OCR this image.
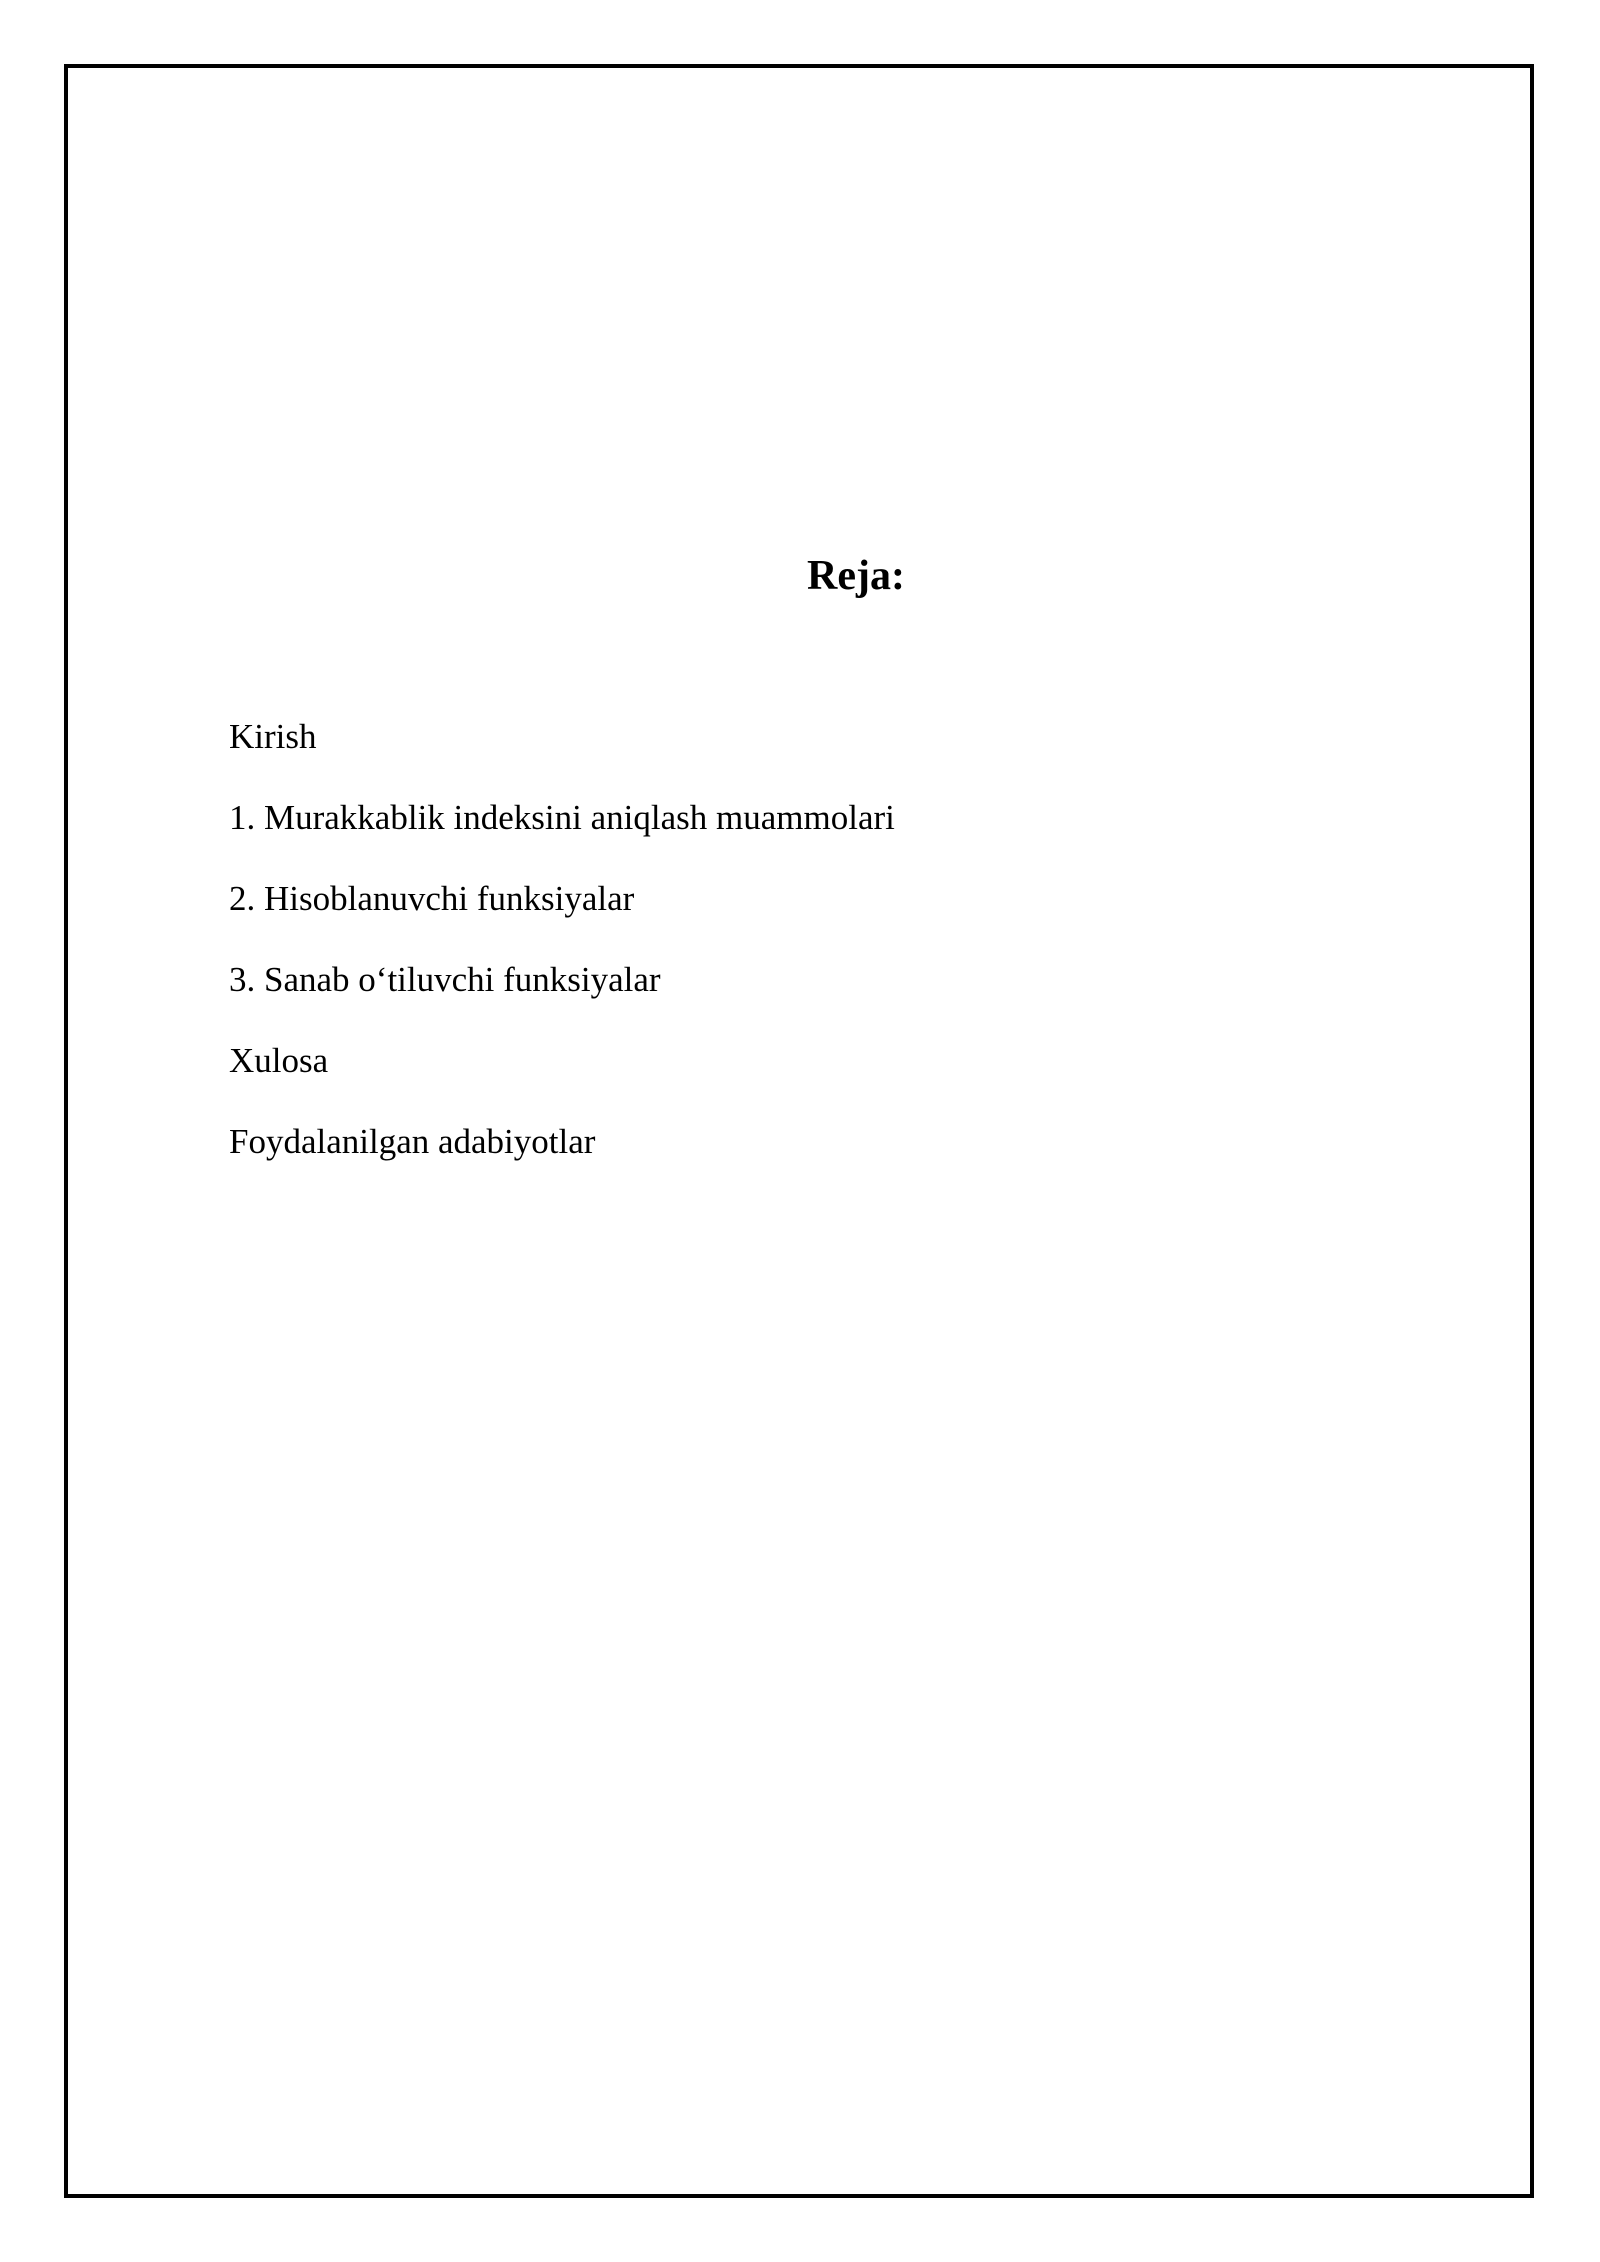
Reja:
Kirish
1. Murakkablik indeksini aniqlash muammolari
2. Hisoblanuvchi funksiyalar
3. Sanab o‘tiluvchi funksiyalar
Xulosa
Foydalanilgan adabiyotlar
